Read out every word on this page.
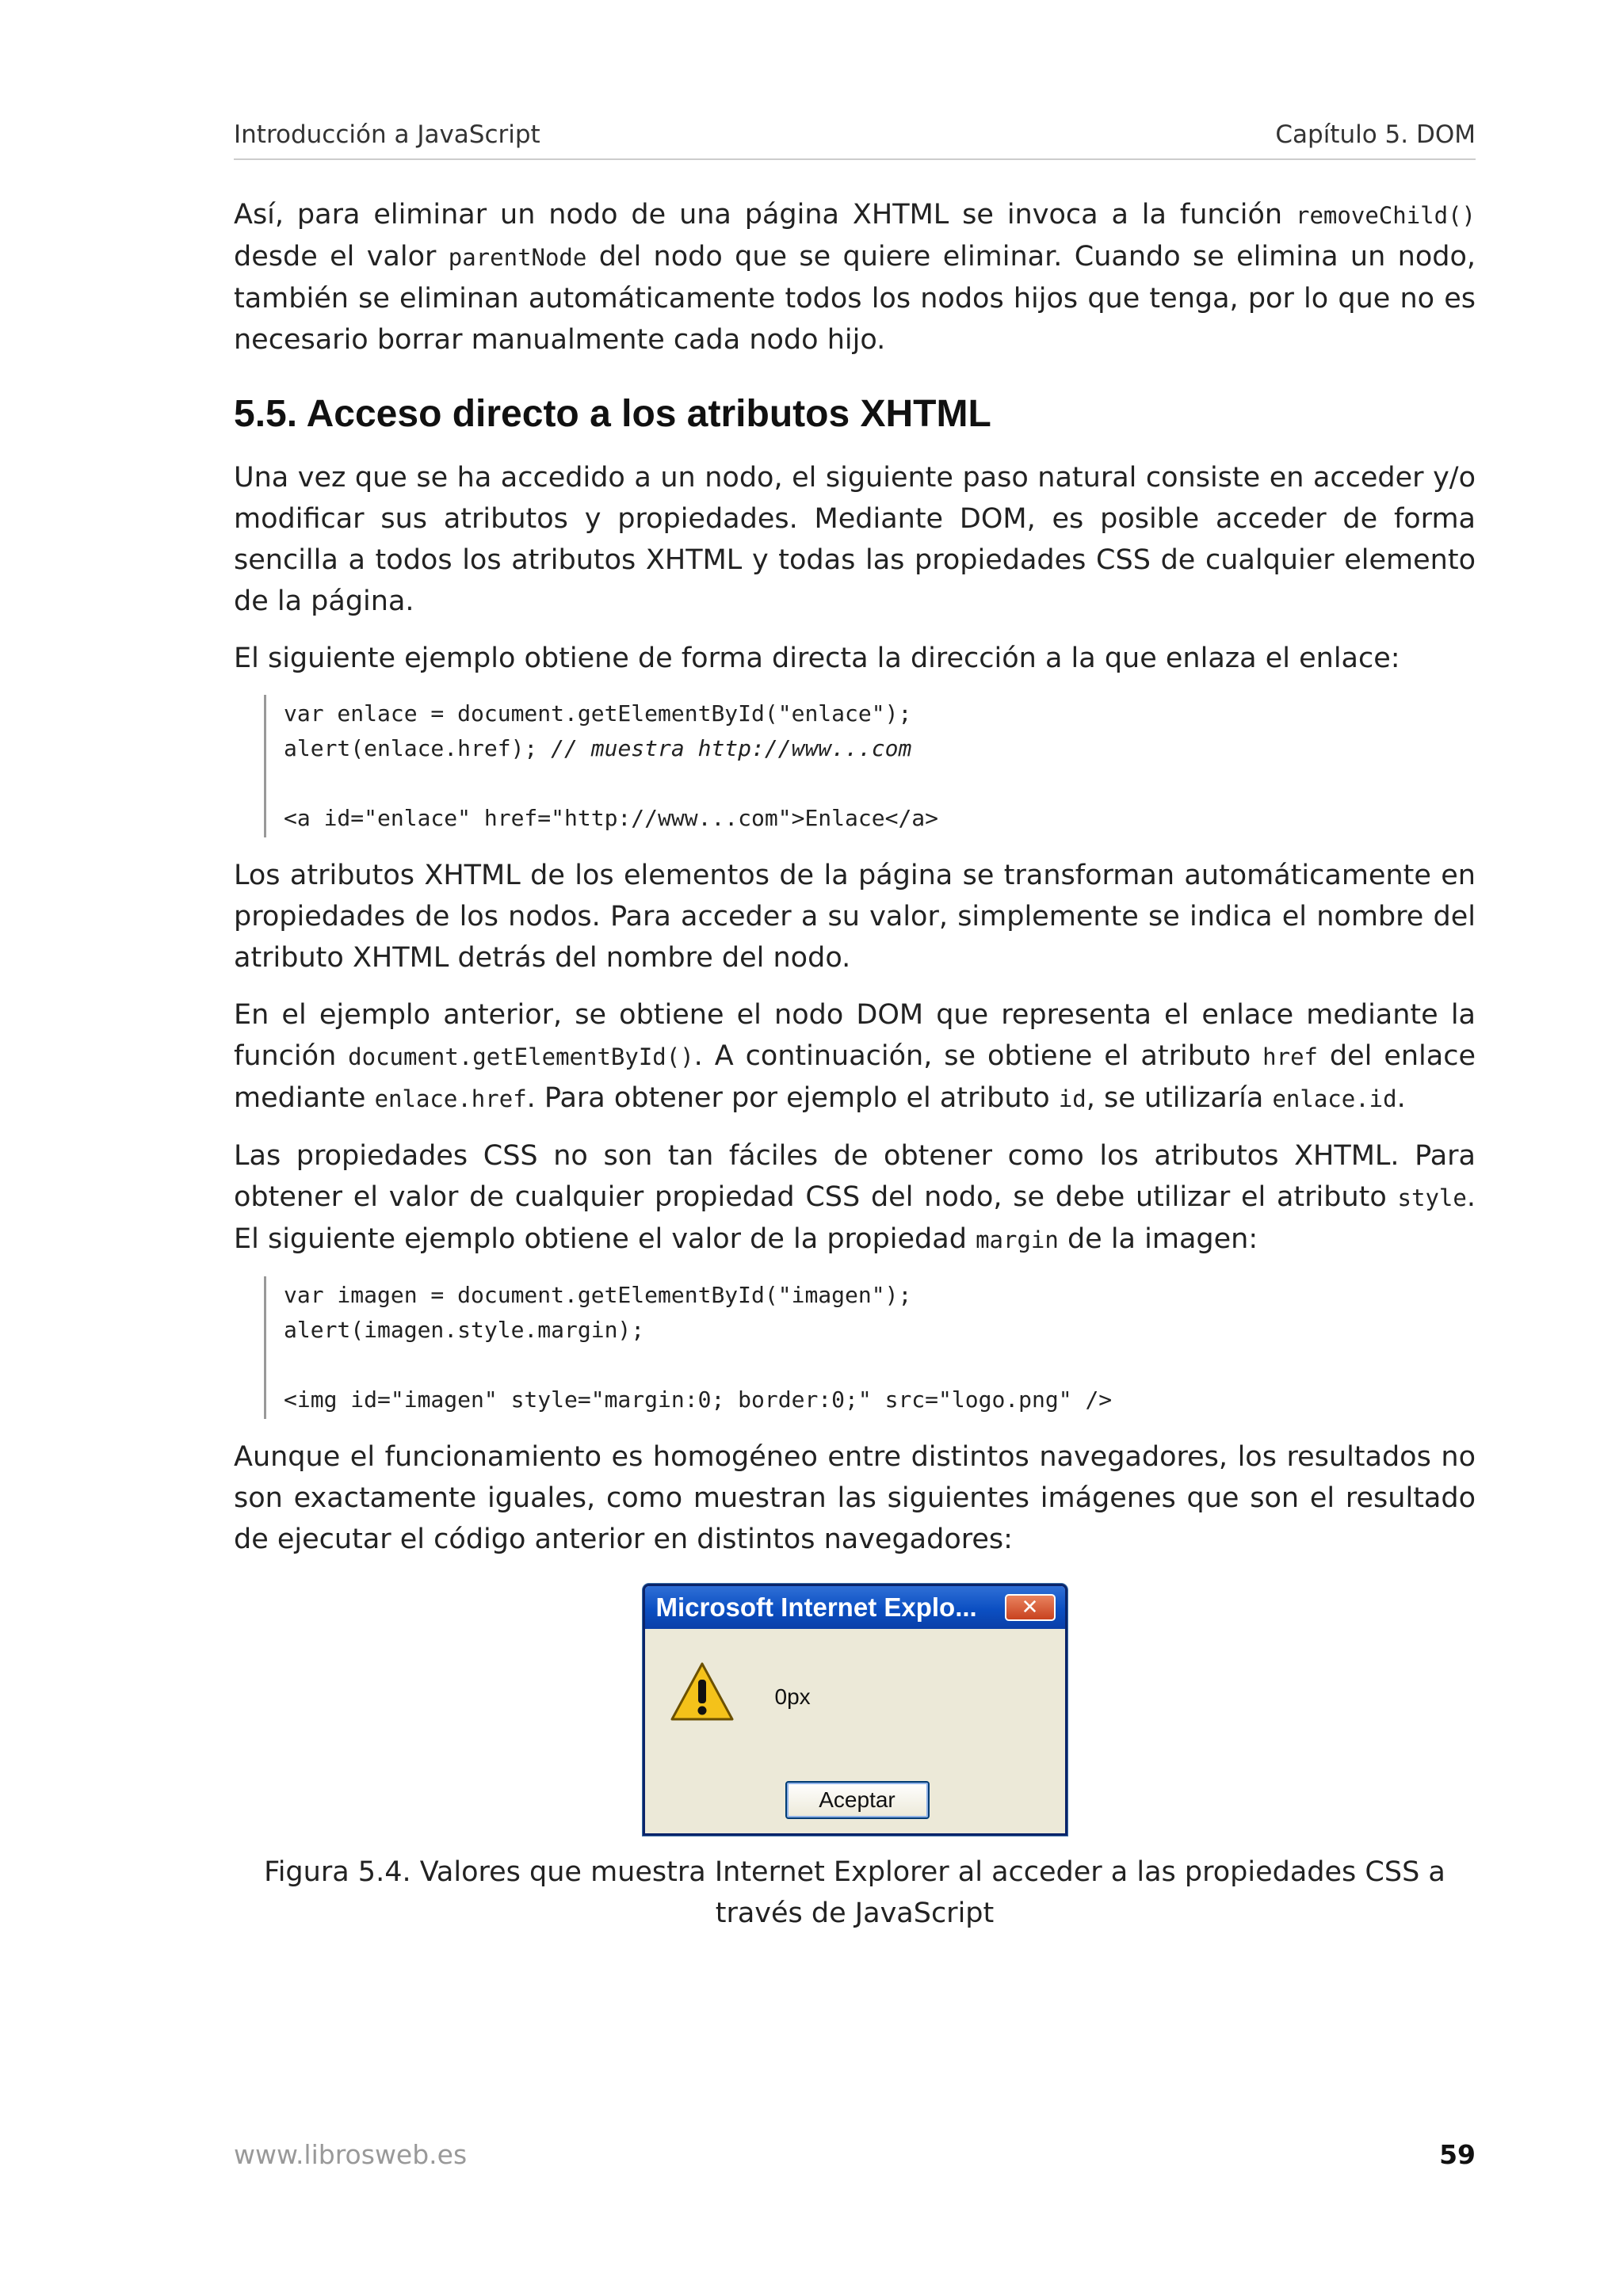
Introducción a JavaScript	Capítulo 5. DOM

Así, para eliminar un nodo de una página XHTML se invoca a la función removeChild() desde el valor parentNode del nodo que se quiere eliminar. Cuando se elimina un nodo, también se eliminan automáticamente todos los nodos hijos que tenga, por lo que no es necesario borrar manualmente cada nodo hijo.

5.5. Acceso directo a los atributos XHTML

Una vez que se ha accedido a un nodo, el siguiente paso natural consiste en acceder y/o modificar sus atributos y propiedades. Mediante DOM, es posible acceder de forma sencilla a todos los atributos XHTML y todas las propiedades CSS de cualquier elemento de la página.

El siguiente ejemplo obtiene de forma directa la dirección a la que enlaza el enlace:

var enlace = document.getElementById("enlace");
alert(enlace.href); // muestra http://www...com
<a id="enlace" href="http://www...com">Enlace</a>

Los atributos XHTML de los elementos de la página se transforman automáticamente en propiedades de los nodos. Para acceder a su valor, simplemente se indica el nombre del atributo XHTML detrás del nombre del nodo.

En el ejemplo anterior, se obtiene el nodo DOM que representa el enlace mediante la función document.getElementById(). A continuación, se obtiene el atributo href del enlace mediante enlace.href. Para obtener por ejemplo el atributo id, se utilizaría enlace.id.

Las propiedades CSS no son tan fáciles de obtener como los atributos XHTML. Para obtener el valor de cualquier propiedad CSS del nodo, se debe utilizar el atributo style. El siguiente ejemplo obtiene el valor de la propiedad margin de la imagen:

var imagen = document.getElementById("imagen");
alert(imagen.style.margin);
<img id="imagen" style="margin:0; border:0;" src="logo.png" />

Aunque el funcionamiento es homogéneo entre distintos navegadores, los resultados no son exactamente iguales, como muestran las siguientes imágenes que son el resultado de ejecutar el código anterior en distintos navegadores:

Microsoft Internet Explo...	✕
0px
Aceptar
Figura 5.4. Valores que muestra Internet Explorer al acceder a las propiedades CSS a través de JavaScript
www.librosweb.es	59
